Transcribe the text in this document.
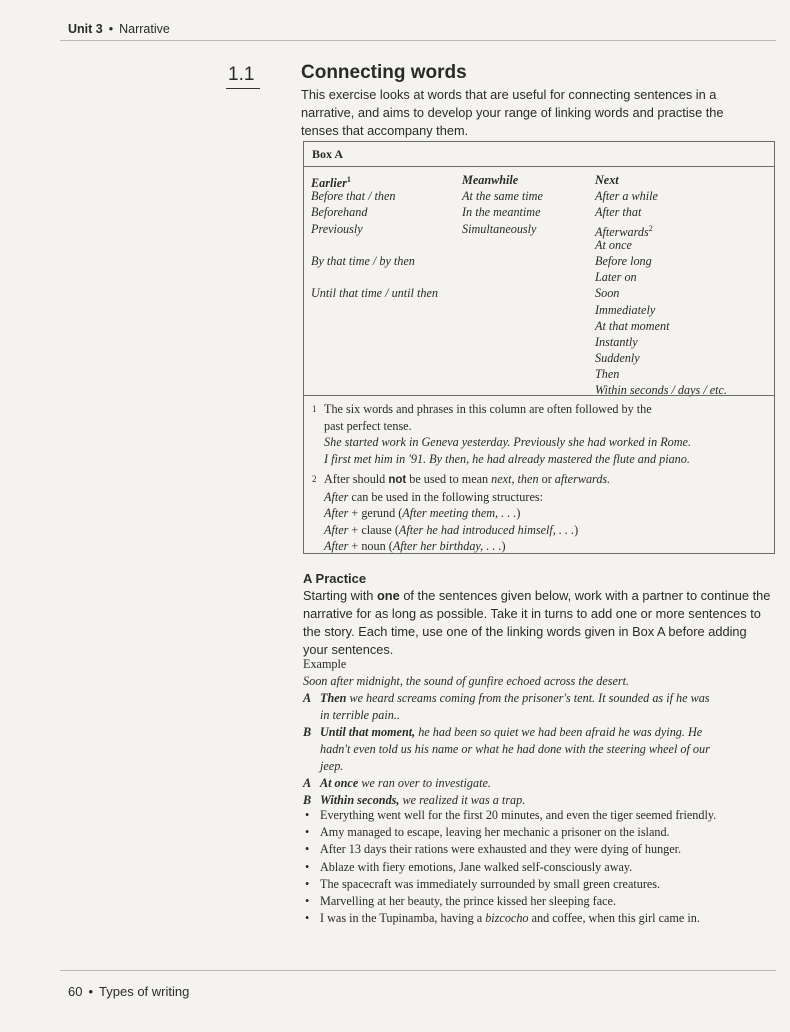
Unit 3 • Narrative
1.1 Connecting words
This exercise looks at words that are useful for connecting sentences in a narrative, and aims to develop your range of linking words and practise the tenses that accompany them.
Box A
Earlier$^1$
Before that / then
Beforehand
Previously
By that time / by then
Until that time / until then
Meanwhile
At the same time
In the meantime
Simultaneously
Next
After a while
After that
Afterwards$^2$
At once
Before long
Later on
Soon
Immediately
At that moment
Instantly
Suddenly
Then
Within seconds / days / etc.
1 The six words and phrases in this column are often followed by the
past perfect tense.
She started work in Geneva yesterday. Previously she had worked in Rome.
I first met him in '91. By then, he had already mastered the flute and piano.
2 After should not be used to mean next, then or afterwards.
After can be used in the following structures:
After + gerund (After meeting them, . . .)
After + clause (After he had introduced himself, . . .)
After + noun (After her birthday, . . .)
A Practice
Starting with one of the sentences given below, work with a partner to continue the narrative for as long as possible. Take it in turns to add one or more sentences to the story. Each time, use one of the linking words given in Box A before adding your sentences.
Example
Soon after midnight, the sound of gunfire echoed across the desert.
A Then we heard screams coming from the prisoner's tent. It sounded as if he was
in terrible pain..
B Until that moment, he had been so quiet we had been afraid he was dying. He
hadn't even told us his name or what he had done with the steering wheel of our
jeep.
A At once we ran over to investigate.
B Within seconds, we realized it was a trap.
• Everything went well for the first 20 minutes, and even the tiger seemed friendly.
• Amy managed to escape, leaving her mechanic a prisoner on the island.
• After 13 days their rations were exhausted and they were dying of hunger.
• Ablaze with fiery emotions, Jane walked self-consciously away.
• The spacecraft was immediately surrounded by small green creatures.
• Marvelling at her beauty, the prince kissed her sleeping face.
• I was in the Tupinamba, having a bizcocho and coffee, when this girl came in.
60 • Types of writing
